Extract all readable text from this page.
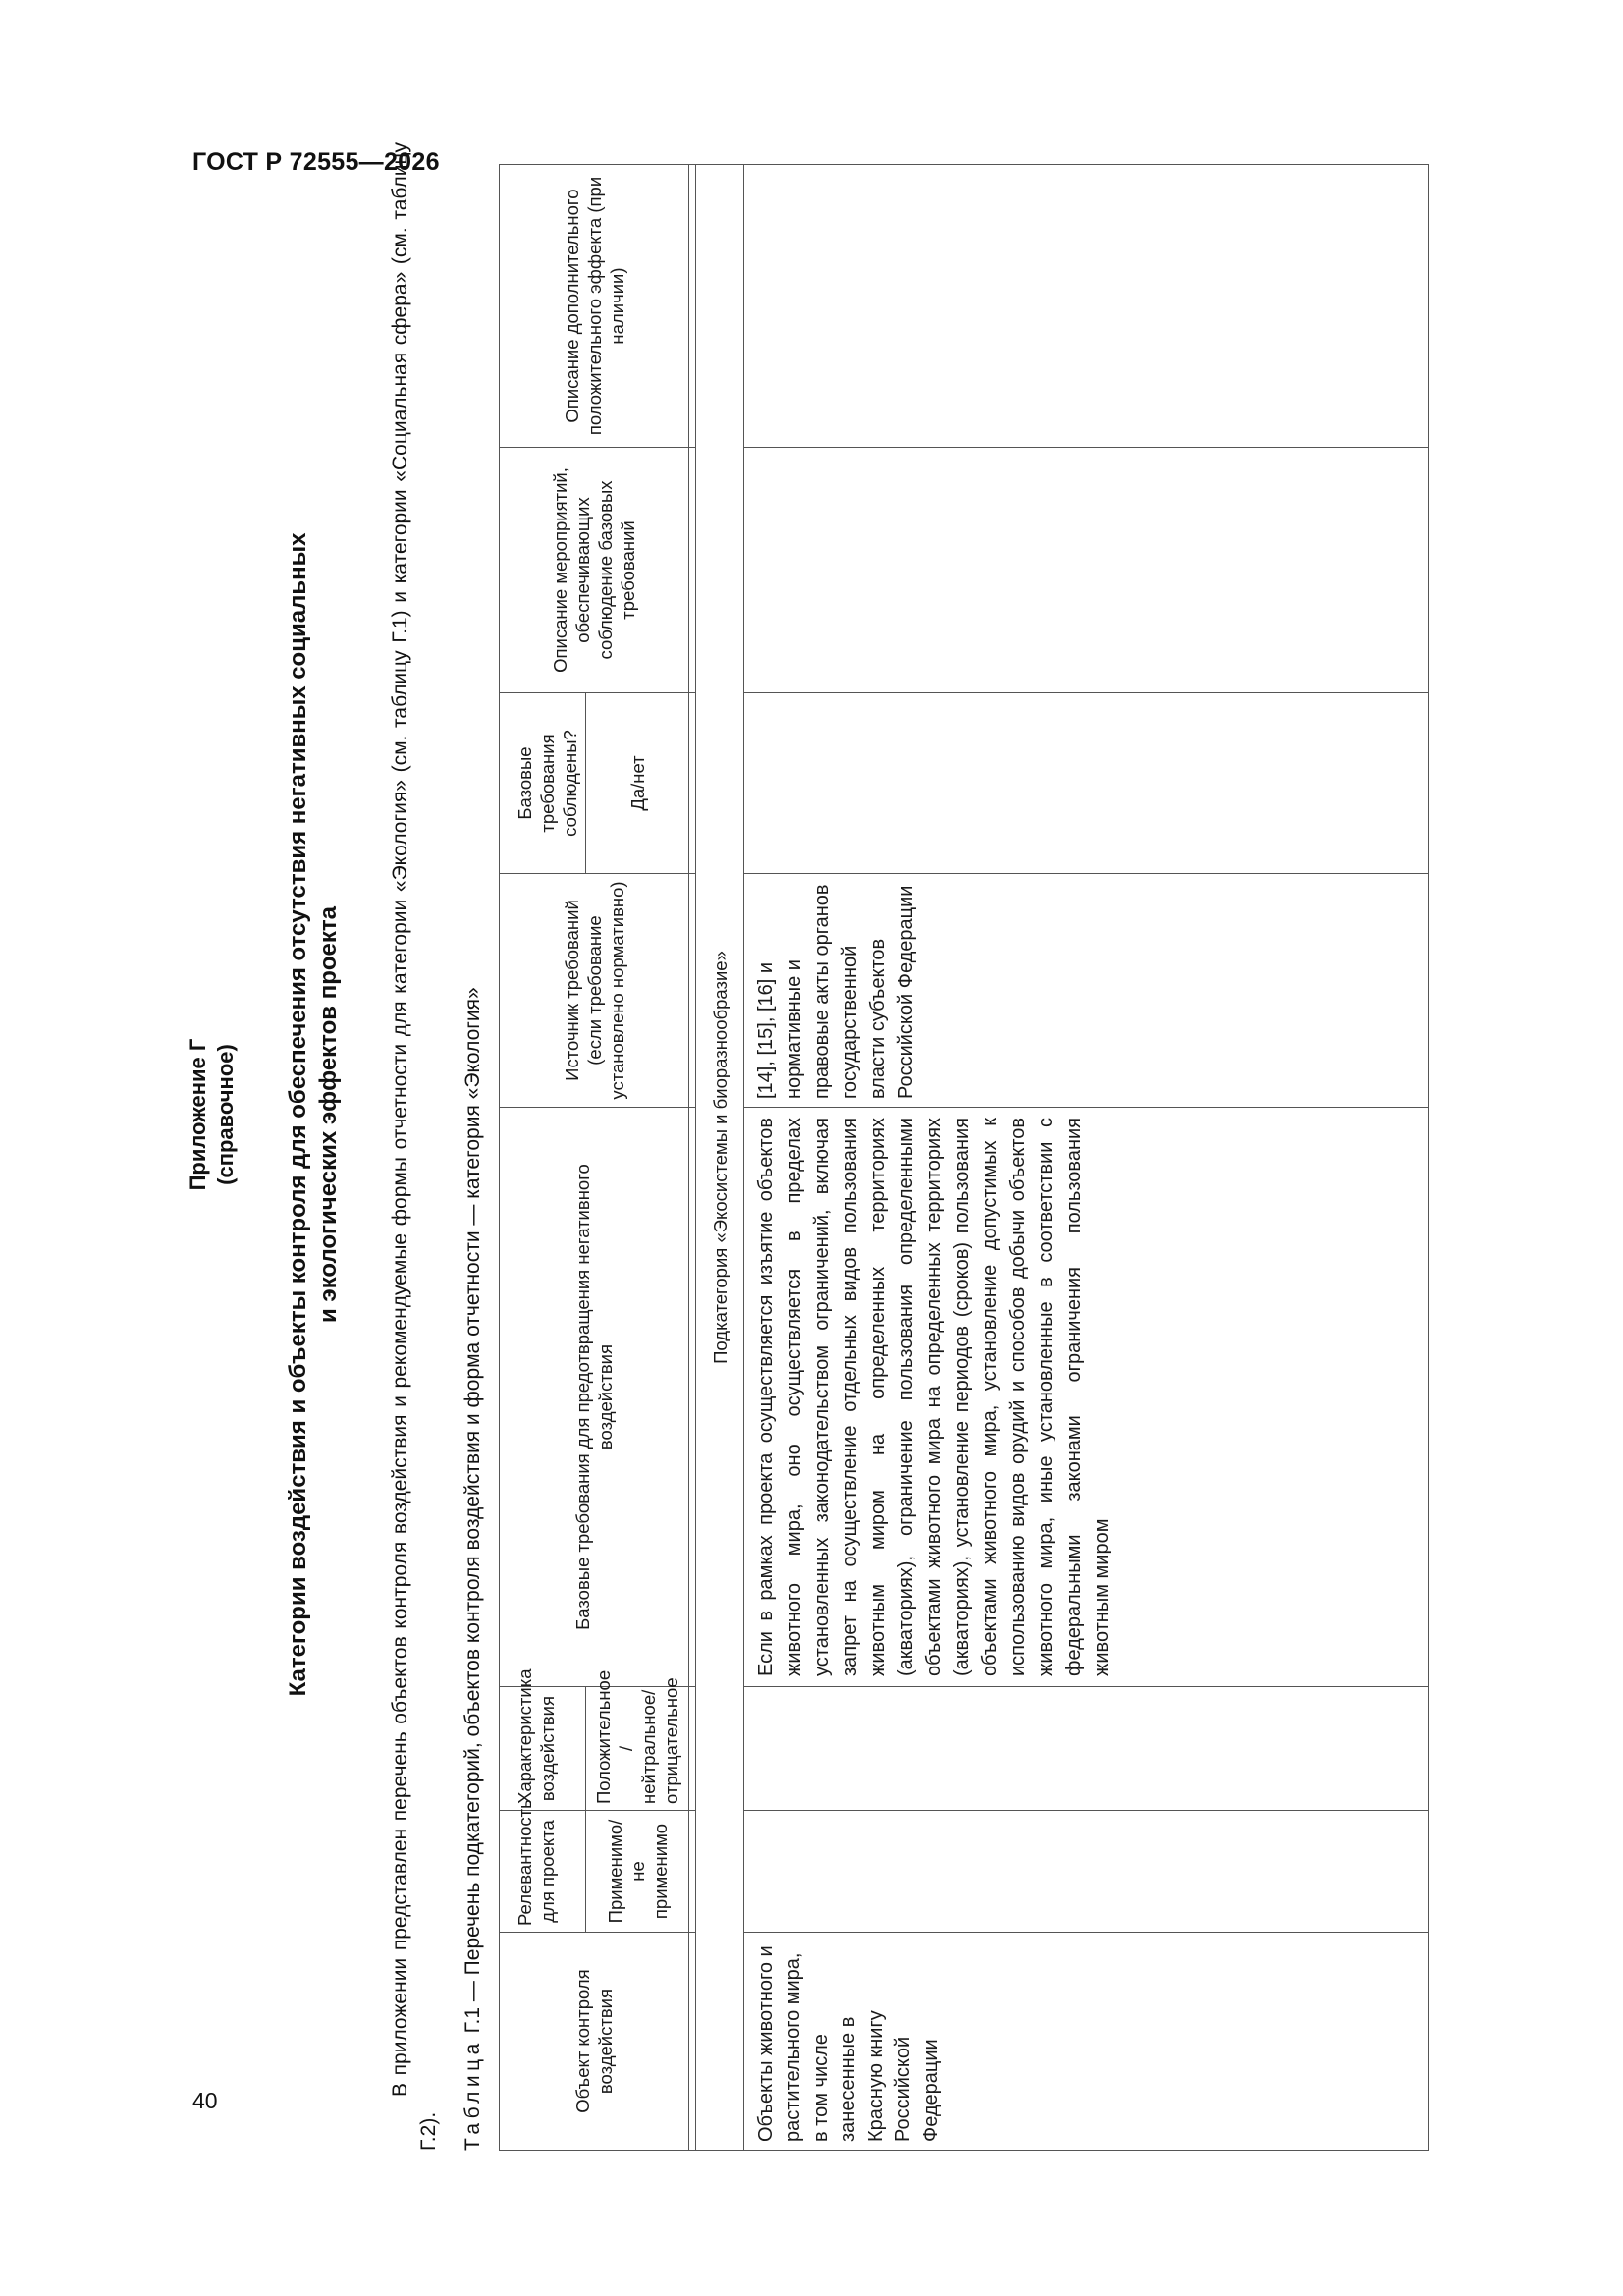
ГОСТ Р 72555—2026
40
Приложение Г (справочное) Категории воздействия и объекты контроля для обеспечения отсутствия негативных социальных и экологических эффектов проекта В приложении представлен перечень объектов контроля воздействия и рекомендуемые формы отчетности для категории «Экология» (см. таблицу Г.1) и категории «Социальная сфера» (см. таблицу Г.2). Таблица Г.1 — Перечень подкатегорий, объектов контроля воздействия и форма отчетности — категория «Экология»
Объект контроля воздействия	Релевантность для проекта	Характеристика воздействия	Базовые требования для предотвращения негативного воздействия	Источник требований (если требование установлено нормативно)	Базовые требования соблюдены?	Описание мероприятий, обеспечивающих соблюдение базовых требований	Описание дополнительного положительного эффекта (при наличии)
	Применимо/ не применимо	Положительное /нейтральное/ отрицательное			Да/нет		

Подкатегория «Экосистемы и биоразнообразие»							
Объекты животного и растительного мира, в том числе занесенные в Красную книгу Российской Федерации			Если в рамках проекта осуществляется изъятие объектов животного мира, оно осуществляется в пределах установленных законодательством ограничений, включая запрет на осуществление отдельных видов пользования животным миром на определенных территориях (акваториях), ограничение пользования определенными объектами животного мира на определенных территориях (акваториях), установление периодов (сроков) пользования объектами животного мира, установление допустимых к использованию видов орудий и способов добычи объектов животного мира, иные установленные в соответствии с федеральными законами ограничения пользования животным миром	[14], [15], [16] и нормативные и правовые акты органов государственной власти субъектов Российской Федерации			
